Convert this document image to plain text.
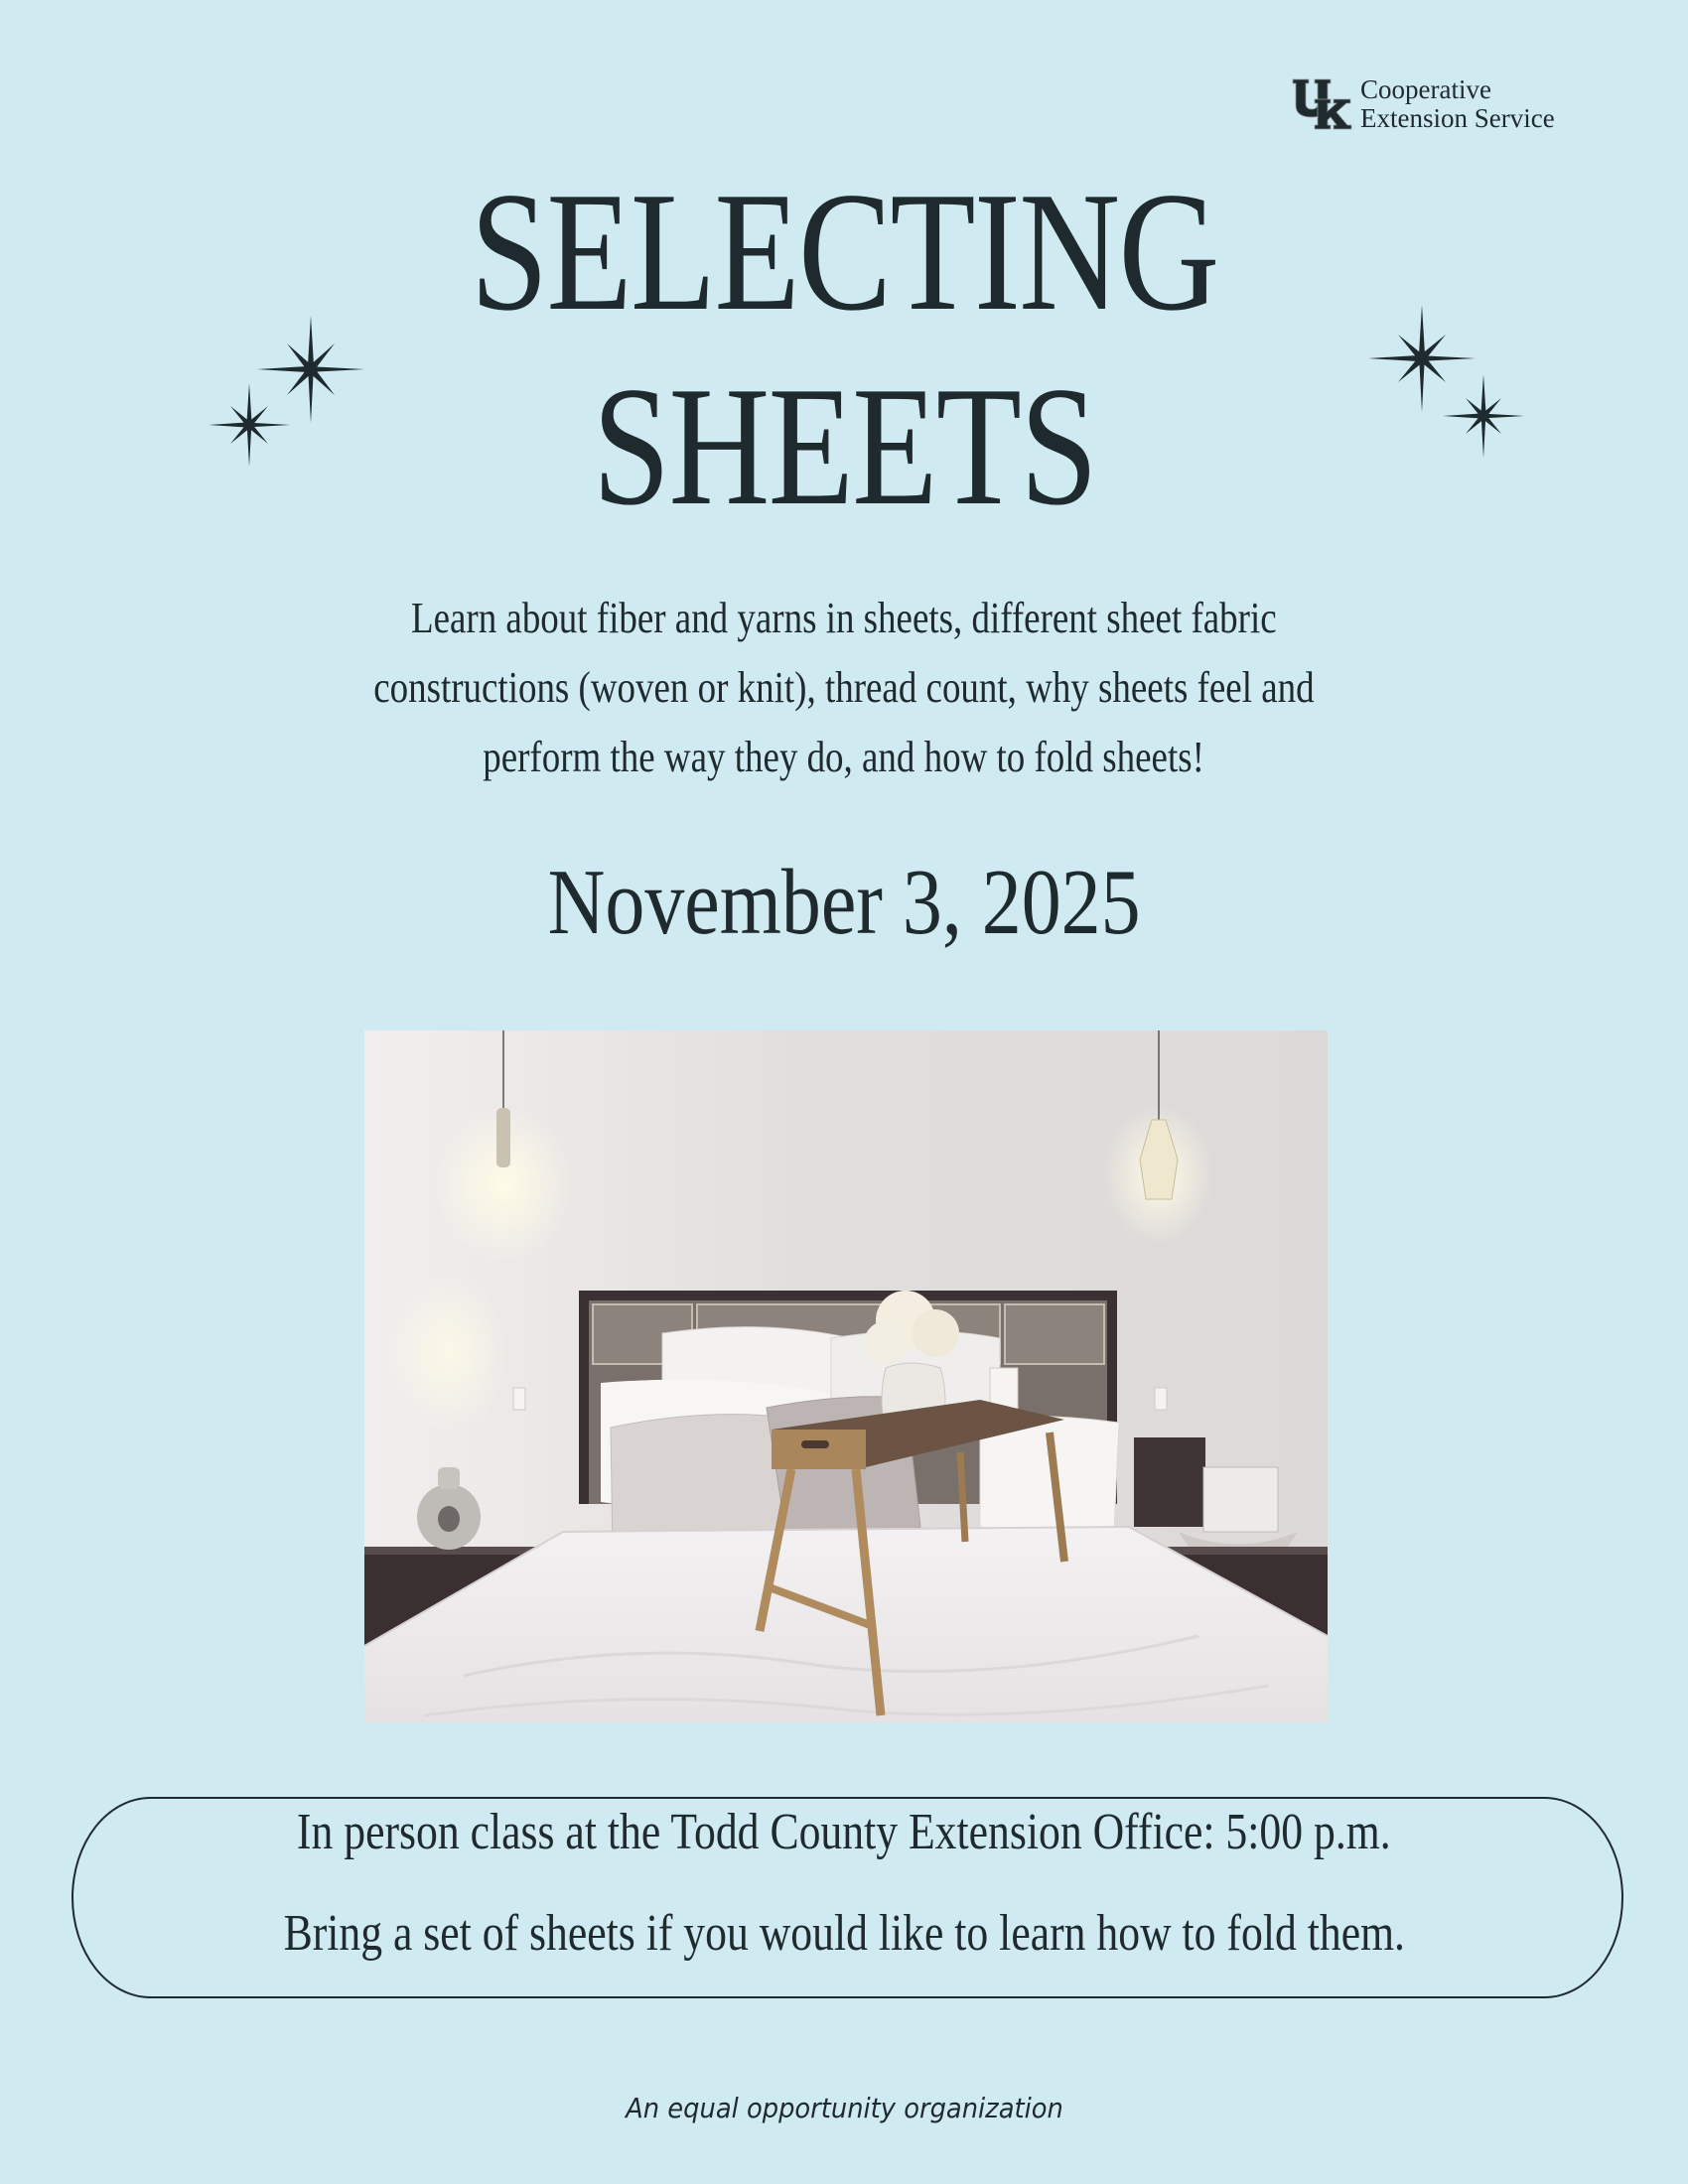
Cooperative
Extension Service
SELECTING
SHEETS
Learn about fiber and yarns in sheets, different sheet fabric
constructions (woven or knit), thread count, why sheets feel and
perform the way they do, and how to fold sheets!
November 3, 2025
In person class at the Todd County Extension Office: 5:00 p.m.
Bring a set of sheets if you would like to learn how to fold them.
An equal opportunity organization
